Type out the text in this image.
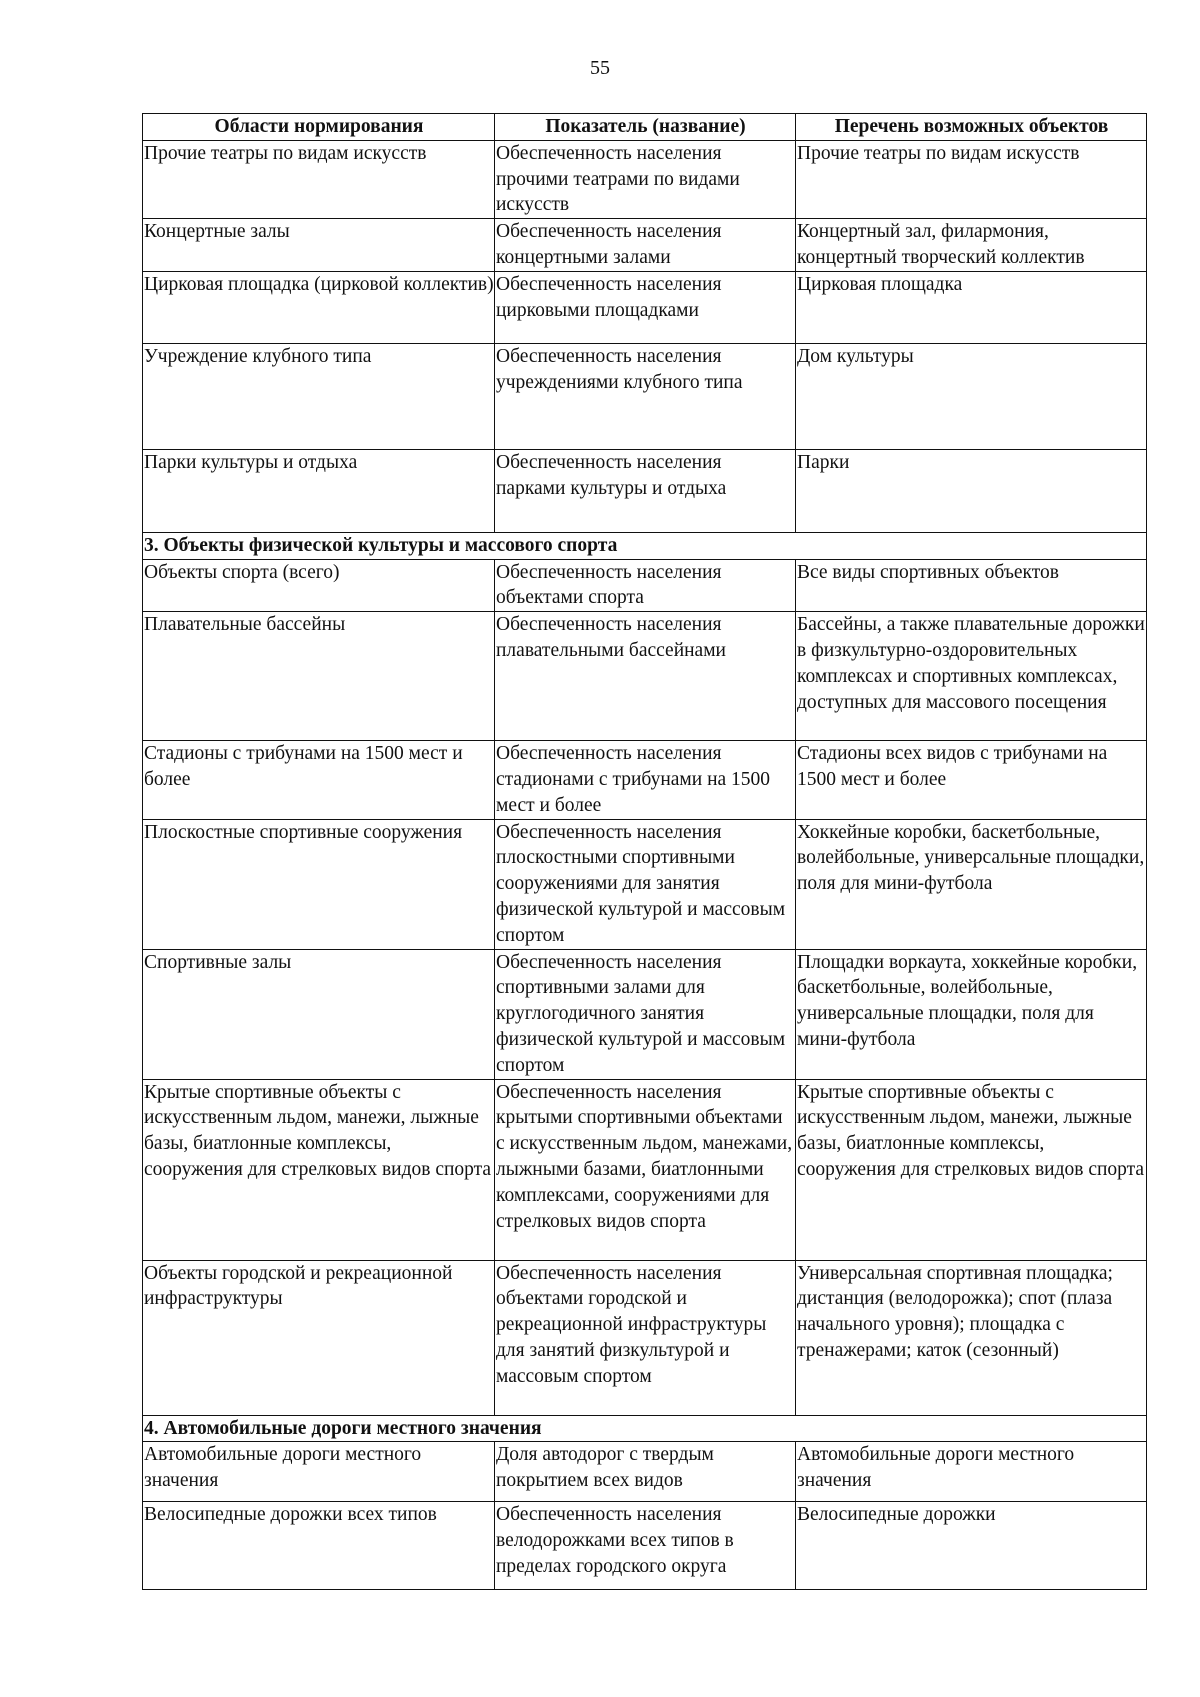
55
Области нормирования	Показатель (название)	Перечень возможных объектов
Прочие театры по видам искусств	Обеспеченность населения прочими театрами по видами искусств	Прочие театры по видам искусств
Концертные залы	Обеспеченность населения концертными залами	Концертный зал, филармония, концертный творческий коллектив
Цирковая площадка (цирковой коллектив)	Обеспеченность населения цирковыми площадками	Цирковая площадка
Учреждение клубного типа	Обеспеченность населения учреждениями клубного типа	Дом культуры
Парки культуры и отдыха	Обеспеченность населения парками культуры и отдыха	Парки
3. Объекты физической культуры и массового спорта		
Объекты спорта (всего)	Обеспеченность населения объектами спорта	Все виды спортивных объектов
Плавательные бассейны	Обеспеченность населения плавательными бассейнами	Бассейны, а также плавательные дорожки в физкультурно-оздоровительных комплексах и спортивных комплексах, доступных для массового посещения
Стадионы с трибунами на 1500 мест и более	Обеспеченность населения стадионами с трибунами на 1500 мест и более	Стадионы всех видов с трибунами на 1500 мест и более
Плоскостные спортивные сооружения	Обеспеченность населения плоскостными спортивными сооружениями для занятия физической культурой и массовым спортом	Хоккейные коробки, баскетбольные, волейбольные, универсальные площадки, поля для мини-футбола
Спортивные залы	Обеспеченность населения спортивными залами для круглогодичного занятия физической культурой и массовым спортом	Площадки воркаута, хоккейные коробки, баскетбольные, волейбольные, универсальные площадки, поля для мини-футбола
Крытые спортивные объекты с искусственным льдом, манежи, лыжные базы, биатлонные комплексы, сооружения для стрелковых видов спорта	Обеспеченность населения крытыми спортивными объектами с искусственным льдом, манежами, лыжными базами, биатлонными комплексами, сооружениями для стрелковых видов спорта	Крытые спортивные объекты с искусственным льдом, манежи, лыжные базы, биатлонные комплексы, сооружения для стрелковых видов спорта
Объекты городской и рекреационной инфраструктуры	Обеспеченность населения объектами городской и рекреационной инфраструктуры для занятий физкультурой и массовым спортом	Универсальная спортивная площадка; дистанция (велодорожка); спот (плаза начального уровня); площадка с тренажерами; каток (сезонный)
4. Автомобильные дороги местного значения		
Автомобильные дороги местного значения	Доля автодорог с твердым покрытием всех видов	Автомобильные дороги местного значения
Велосипедные дорожки всех типов	Обеспеченность населения велодорожками всех типов в пределах городского округа	Велосипедные дорожки
